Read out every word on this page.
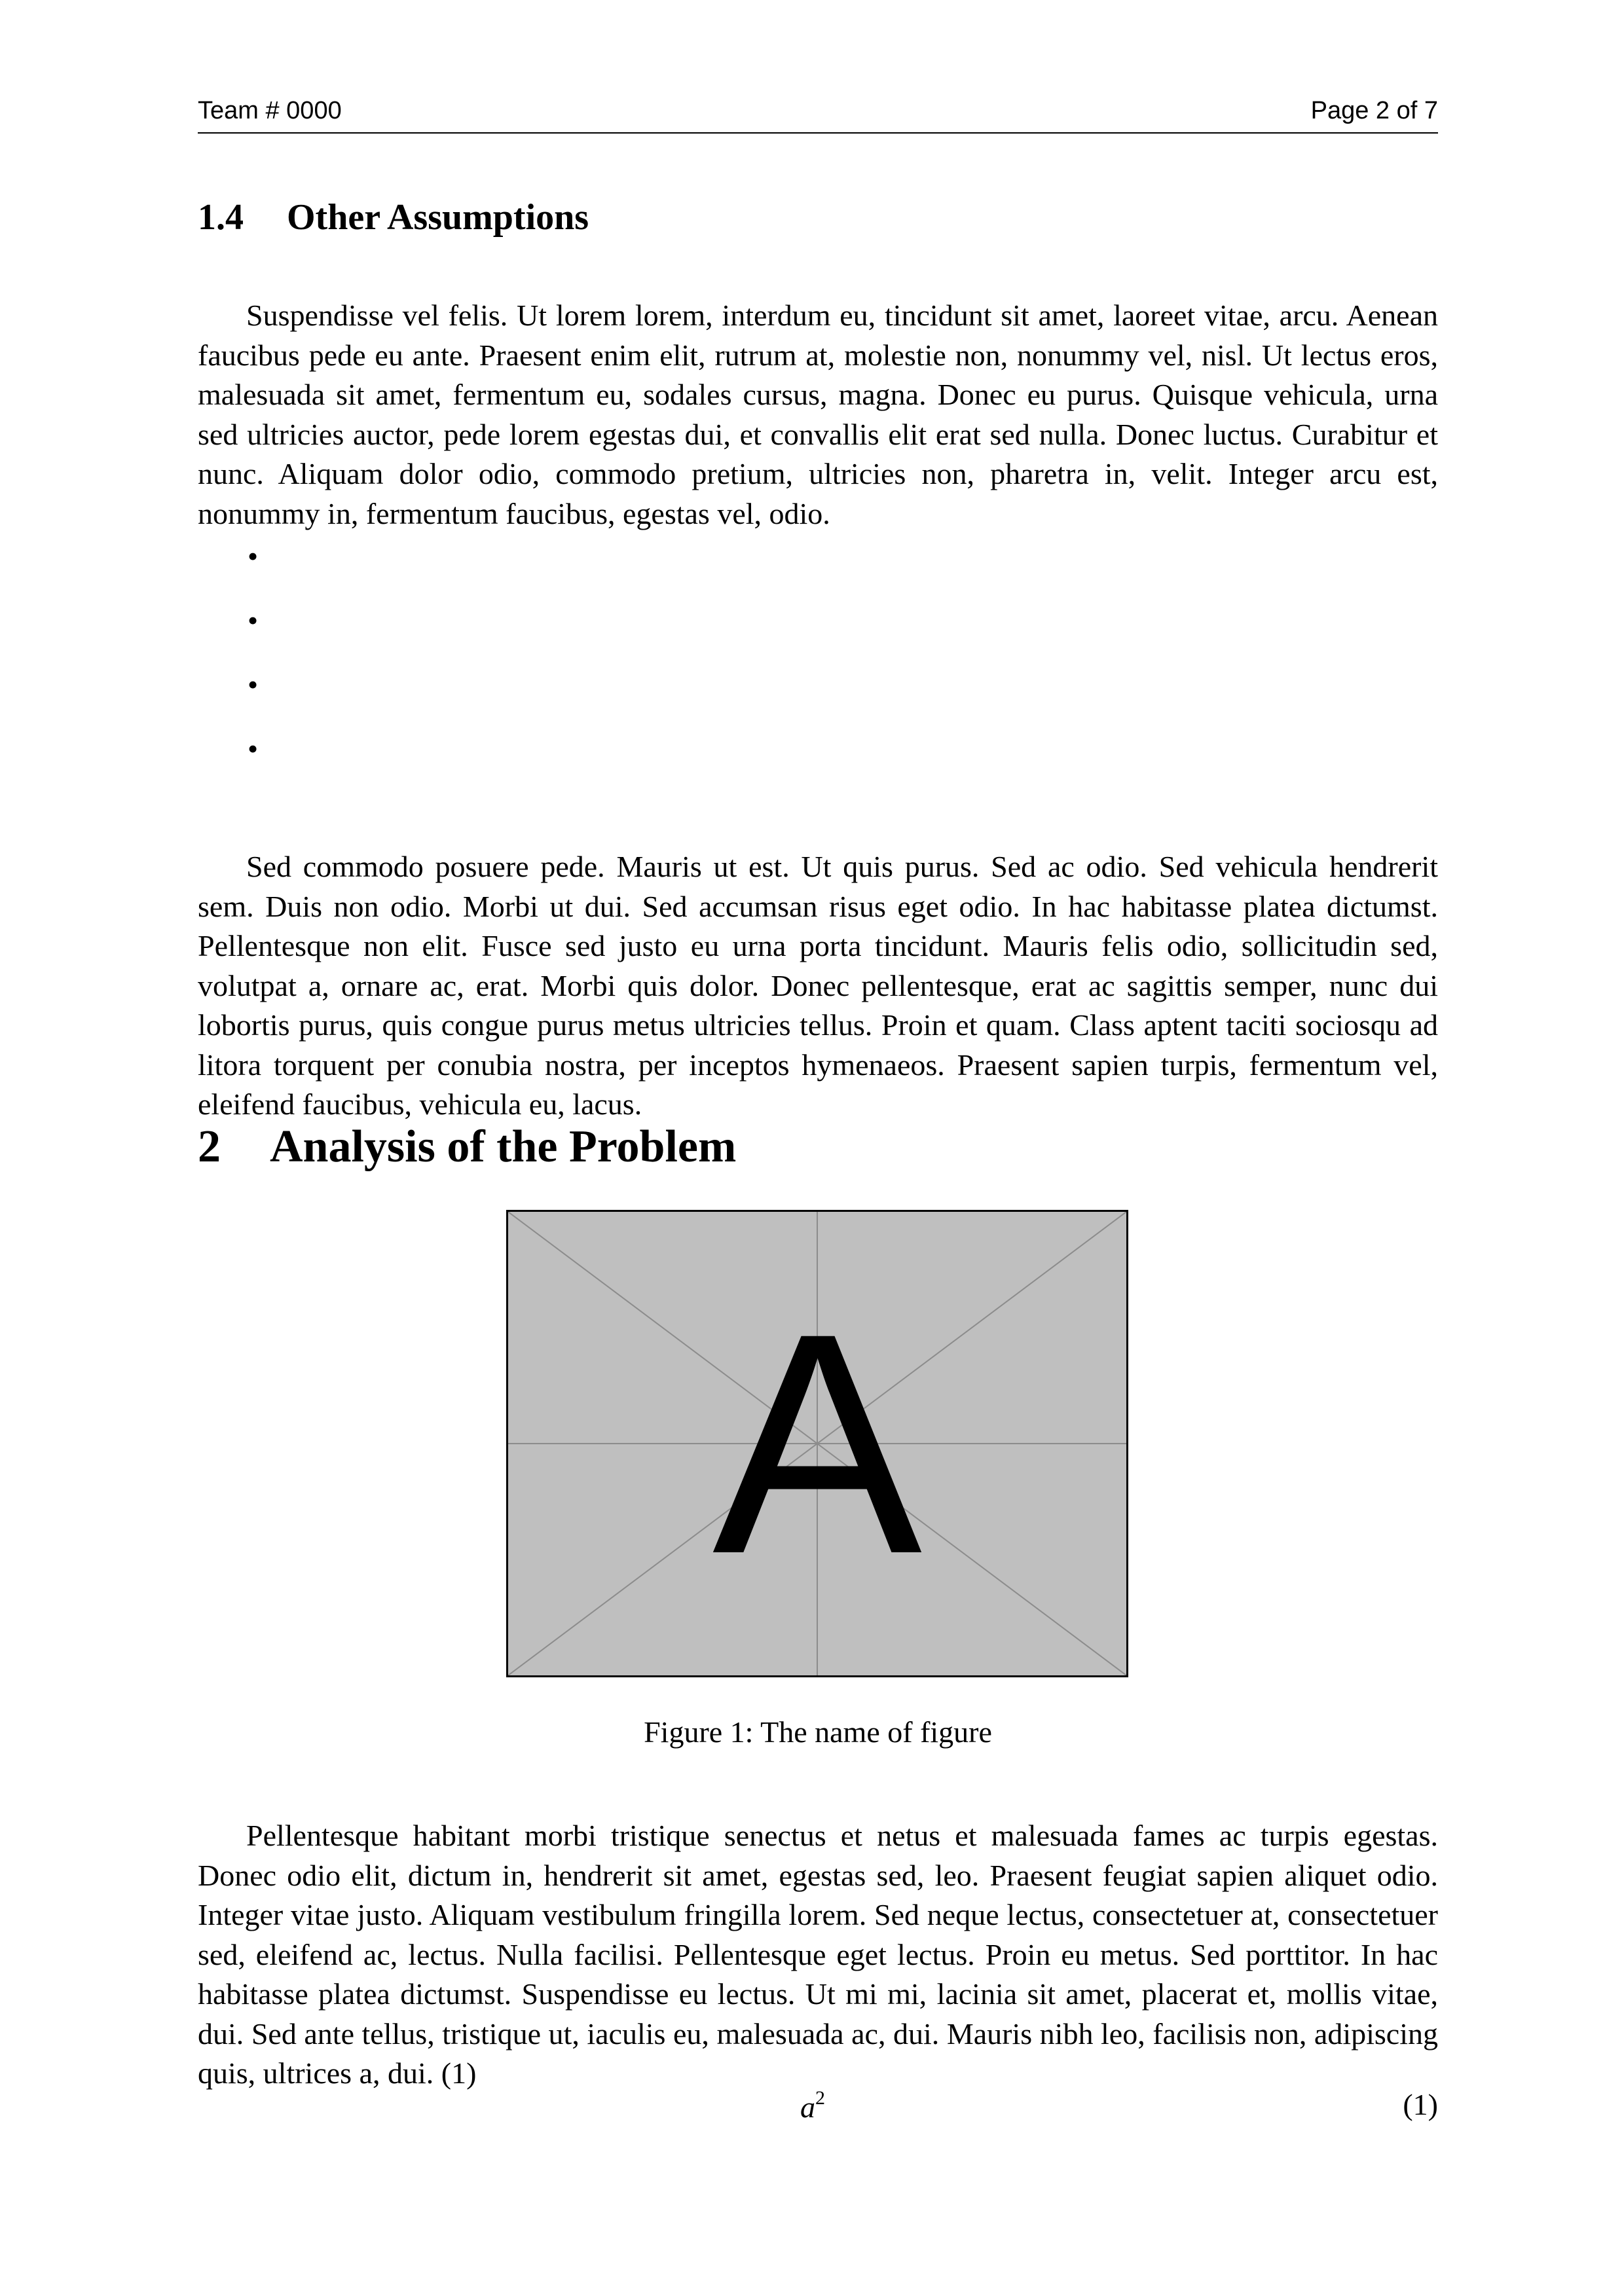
Team # 0000	Page 2 of 7
1.4 Other Assumptions

Suspendisse vel felis. Ut lorem lorem, interdum eu, tincidunt sit amet, laoreet vitae, arcu. Aenean faucibus pede eu ante. Praesent enim elit, rutrum at, molestie non, nonummy vel, nisl. Ut lectus eros, malesuada sit amet, fermentum eu, sodales cursus, magna. Donec eu purus. Quisque vehicula, urna sed ultricies auctor, pede lorem egestas dui, et convallis elit erat sed nulla. Donec luctus. Curabitur et nunc. Aliquam dolor odio, commodo pretium, ultricies non, pharetra in, velit. Integer arcu est, nonummy in, fermentum faucibus, egestas vel, odio.

•
•
•
•

Sed commodo posuere pede. Mauris ut est. Ut quis purus. Sed ac odio. Sed vehicula hendrerit sem. Duis non odio. Morbi ut dui. Sed accumsan risus eget odio. In hac habitasse platea dictumst. Pellentesque non elit. Fusce sed justo eu urna porta tincidunt. Mauris felis odio, sollicitudin sed, volutpat a, ornare ac, erat. Morbi quis dolor. Donec pellentesque, erat ac sagittis semper, nunc dui lobortis purus, quis congue purus metus ultricies tellus. Proin et quam. Class aptent taciti sociosqu ad litora torquent per conubia nostra, per inceptos hymenaeos. Praesent sapien turpis, fermentum vel, eleifend faucibus, vehicula eu, lacus.

2 Analysis of the Problem
A
Figure 1: The name of figure

Pellentesque habitant morbi tristique senectus et netus et malesuada fames ac turpis egestas. Donec odio elit, dictum in, hendrerit sit amet, egestas sed, leo. Praesent feugiat sapien aliquet odio. Integer vitae justo. Aliquam vestibulum fringilla lorem. Sed neque lectus, consectetuer at, consectetuer sed, eleifend ac, lectus. Nulla facilisi. Pellentesque eget lectus. Proin eu metus. Sed porttitor. In hac habitasse platea dictumst. Suspendisse eu lectus. Ut mi mi, lacinia sit amet, placerat et, mollis vitae, dui. Sed ante tellus, tristique ut, iaculis eu, malesuada ac, dui. Mauris nibh leo, facilisis non, adipiscing quis, ultrices a, dui. (1)

$a^2$	(1)
